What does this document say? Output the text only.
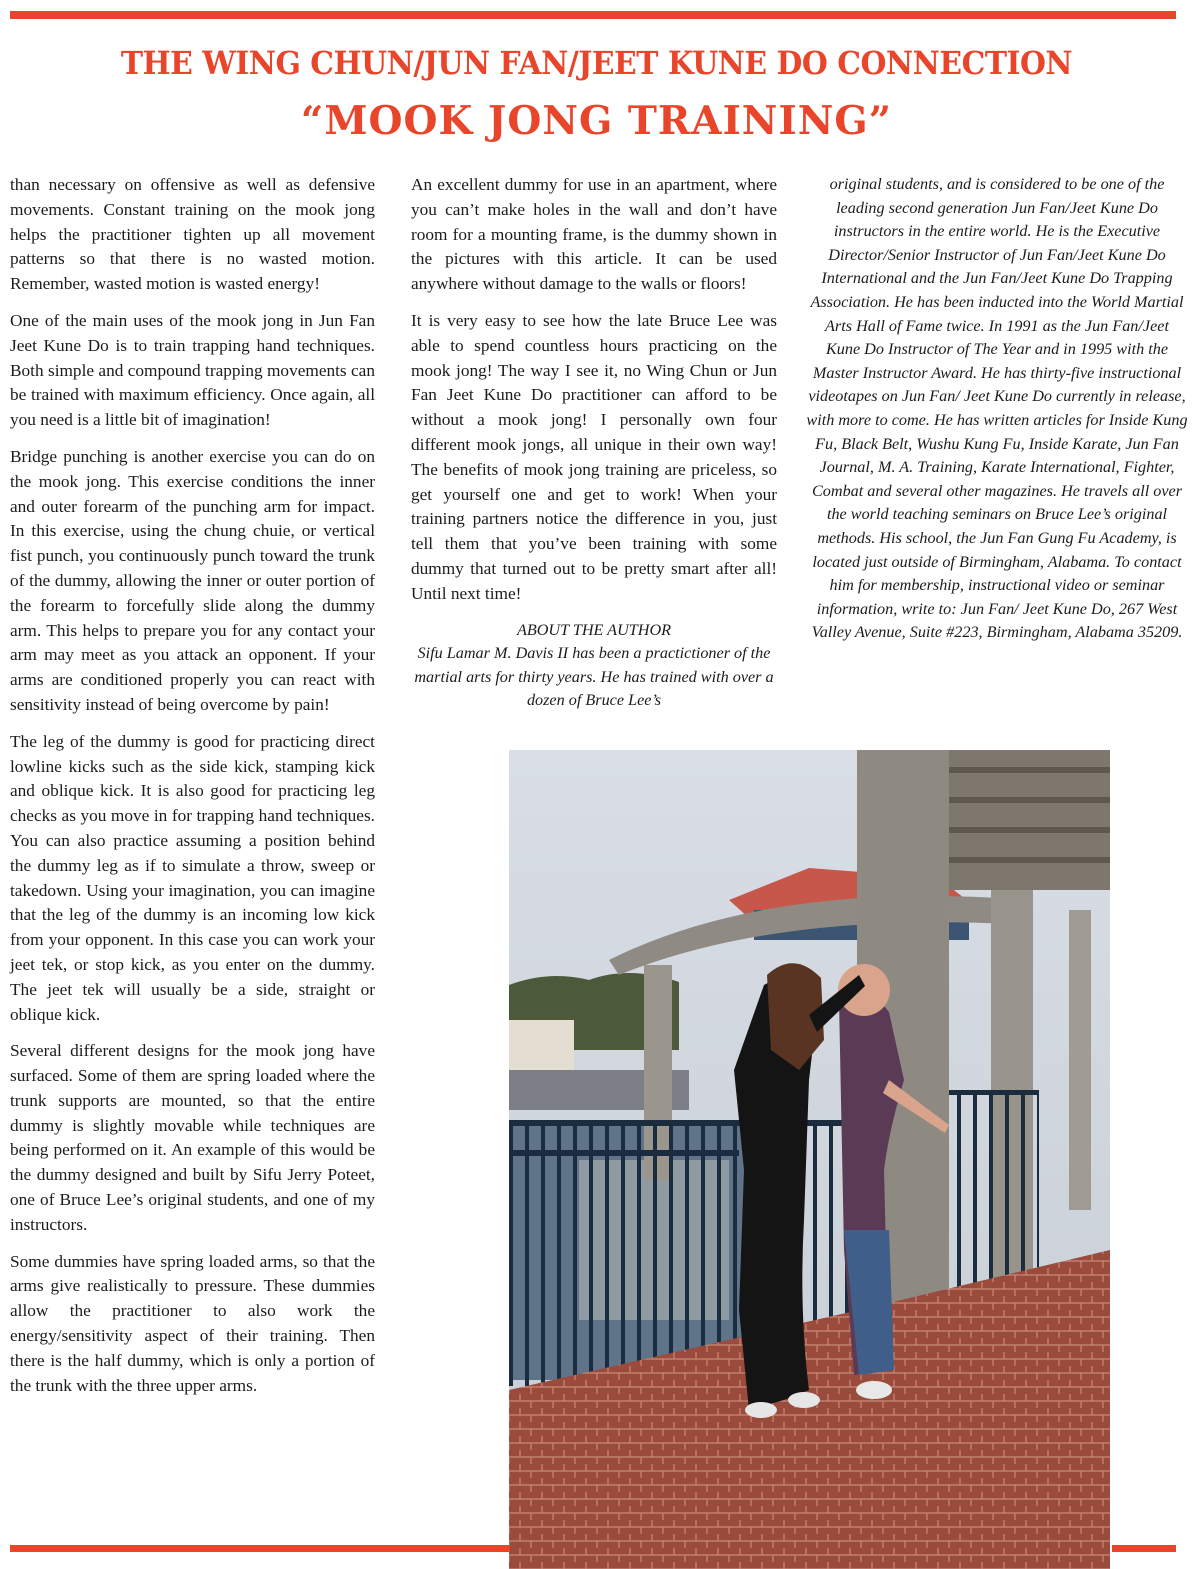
THE WING CHUN/JUN FAN/JEET KUNE DO CONNECTION
“MOOK JONG TRAINING”

than necessary on offensive as well as defensive movements. Constant training on the mook jong helps the practitioner tighten up all movement patterns so that there is no wasted motion. Remember, wasted motion is wasted energy!

One of the main uses of the mook jong in Jun Fan Jeet Kune Do is to train trapping hand techniques. Both simple and compound trapping movements can be trained with maximum efficiency. Once again, all you need is a little bit of imagination!

Bridge punching is another exercise you can do on the mook jong. This exercise conditions the inner and outer forearm of the punching arm for impact. In this exercise, using the chung chuie, or vertical fist punch, you continuously punch toward the trunk of the dummy, allowing the inner or outer portion of the forearm to forcefully slide along the dummy arm. This helps to prepare you for any contact your arm may meet as you attack an opponent. If your arms are conditioned properly you can react with sensitivity instead of being overcome by pain!

The leg of the dummy is good for practicing direct lowline kicks such as the side kick, stamping kick and oblique kick. It is also good for practicing leg checks as you move in for trapping hand techniques. You can also practice assuming a position behind the dummy leg as if to simulate a throw, sweep or takedown. Using your imagination, you can imagine that the leg of the dummy is an incoming low kick from your opponent. In this case you can work your jeet tek, or stop kick, as you enter on the dummy. The jeet tek will usually be a side, straight or oblique kick.

Several different designs for the mook jong have surfaced. Some of them are spring loaded where the trunk supports are mounted, so that the entire dummy is slightly movable while techniques are being performed on it. An example of this would be the dummy designed and built by Sifu Jerry Poteet, one of Bruce Lee’s original students, and one of my instructors.

Some dummies have spring loaded arms, so that the arms give realistically to pressure. These dummies allow the practitioner to also work the energy/sensitivity aspect of their training. Then there is the half dummy, which is only a portion of the trunk with the three upper arms.

An excellent dummy for use in an apartment, where you can’t make holes in the wall and don’t have room for a mounting frame, is the dummy shown in the pictures with this article. It can be used anywhere without damage to the walls or floors!

It is very easy to see how the late Bruce Lee was able to spend countless hours practicing on the mook jong! The way I see it, no Wing Chun or Jun Fan Jeet Kune Do practitioner can afford to be without a mook jong! I personally own four different mook jongs, all unique in their own way! The benefits of mook jong training are priceless, so get yourself one and get to work! When your training partners notice the difference in you, just tell them that you’ve been training with some dummy that turned out to be pretty smart after all! Until next time!

ABOUT THE AUTHOR
Sifu Lamar M. Davis II has been a practictioner of the martial arts for thirty years. He has trained with over a dozen of Bruce Lee’s

original students, and is considered to be one of the leading second generation Jun Fan/Jeet Kune Do instructors in the entire world. He is the Executive Director/Senior Instructor of Jun Fan/Jeet Kune Do International and the Jun Fan/Jeet Kune Do Trapping Association. He has been inducted into the World Martial Arts Hall of Fame twice. In 1991 as the Jun Fan/Jeet Kune Do Instructor of The Year and in 1995 with the Master Instructor Award. He has thirty-five instructional videotapes on Jun Fan/ Jeet Kune Do currently in release, with more to come. He has written articles for Inside Kung Fu, Black Belt, Wushu Kung Fu, Inside Karate, Jun Fan Journal, M. A. Training, Karate International, Fighter, Combat and several other magazines. He travels all over the world teaching seminars on Bruce Lee’s original methods. His school, the Jun Fan Gung Fu Academy, is located just outside of Birmingham, Alabama. To contact him for membership, instructional video or seminar information, write to: Jun Fan/ Jeet Kune Do, 267 West Valley Avenue, Suite #223, Birmingham, Alabama 35209.
